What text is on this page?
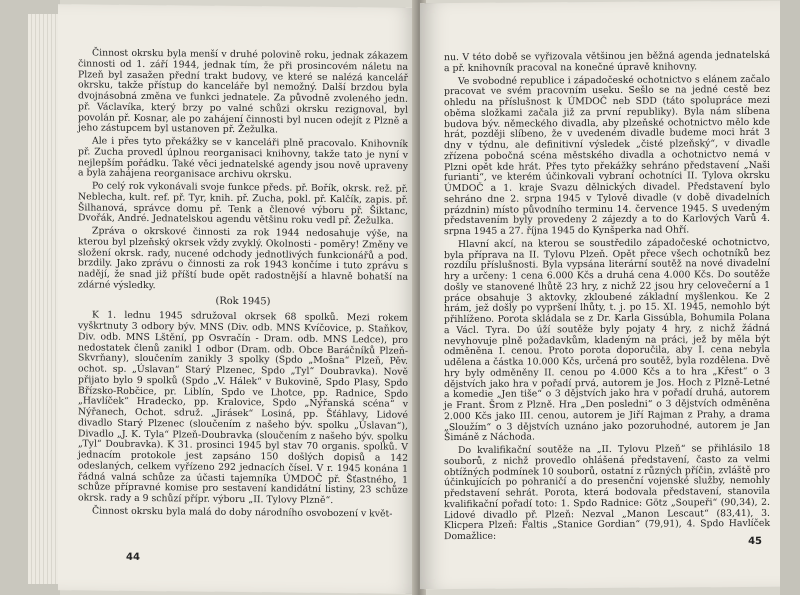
Činnost okrsku byla menší v druhé polovině roku, jednak zákazem činnosti od 1. září 1944, jednak tím, že při prosincovém náletu na Plzeň byl zasažen přední trakt budovy, ve které se nalézá kancelář okrsku, takže přístup do kanceláře byl nemožný. Další brzdou byla dvojnásobná změna ve funkci jednatele. Za původně zvoleného jedn. př. Václavíka, který brzy po valné schůzi okrsku rezignoval, byl povolán př. Kosnar, ale po zahájení činnosti byl nucen odejít z Plzně a jeho zástupcem byl ustanoven př. Žežulka.

Ale i přes tyto překážky se v kanceláři plně pracovalo. Knihovník př. Zucha provedl úplnou reorganisaci knihovny, takže tato je nyní v nejlepším pořádku. Také věci jednatelské agendy jsou nově upraveny a byla zahájena reorganisace archivu okrsku.

Po celý rok vykonávali svoje funkce předs. př. Bořík, okrsk. rež. př. Neblecha, kult. ref. př. Tyr, knih. př. Zucha, pokl. př. Kalčík, zapis. př. Šilhanová, správce domu př. Tenk a členové výboru př. Šiktanc, Dvořák, André. Jednatelskou agendu většinu roku vedl př. Žežulka.

Zpráva o okrskové činnosti za rok 1944 nedosahuje výše, na kterou byl plzeňský okrsek vždy zvyklý. Okolnosti - poměry! Změny ve složení okrsk. rady, nucené odchody jednotlivých funkcionářů a pod. brzdily. Jako zprávu o činnosti za rok 1943 končíme i tuto zprávu s nadějí, že snad již příští bude opět radostnější a hlavně bohatší na zdárné výsledky.

(Rok 1945)

K 1. lednu 1945 sdružoval okrsek 68 spolků. Mezi rokem vyškrtnuty 3 odbory býv. MNS (Div. odb. MNS Kvíčovice, p. Staňkov, Div. odb. MNS Lštění, pp Osvračín - Dram. odb. MNS Ledce), pro nedostatek členů zanikl 1 odbor (Dram. odb. Obce Baráčníků Plzeň-Skvrňany), sloučením zanikly 3 spolky (Spdo „Mošna“ Plzeň, Pěv. ochot. sp. „Úslavan“ Starý Plzenec, Spdo „Tyl“ Doubravka). Nově přijato bylo 9 spolků (Spdo „V. Hálek“ v Bukovině, Spdo Plasy, Spdo Břízsko-Robčice, pr. Liblín, Spdo ve Lhotce, pp. Radnice, Spdo „Havlíček“ Hradecko, pp. Kralovice, Spdo „Nýřanská scéna“ v Nýřanech, Ochot. sdruž. „Jirásek“ Losiná, pp. Šťáhlavy, Lidové divadlo Starý Plzenec (sloučením z našeho býv. spolku „Úslavan“), Divadlo „J. K. Tyla“ Plzeň-Doubravka (sloučením z našeho býv. spolku „Tyl“ Doubravka). K 31. prosinci 1945 byl stav 70 organis. spolků. V jednacím protokole jest zapsáno 150 došlých dopisů a 142 odeslaných, celkem vyřízeno 292 jednacích čísel. V r. 1945 konána 1 řádná valná schůze za účasti tajemníka ÚMDOČ př. Šťastného, 1 schůze přípravné komise pro sestavení kandidátní listiny, 23 schůze okrsk. rady a 9 schůzí přípr. výboru „II. Tylovy Plzně“.

Činnost okrsku byla malá do doby národního osvobození v květ-

44

nu. V této době se vyřizovala většinou jen běžná agenda jednatelská a př. knihovník pracoval na konečné úpravě knihovny.

Ve svobodné republice i západočeské ochotnictvo s elánem začalo pracovat ve svém pracovním useku. Sešlo se na jedné cestě bez ohledu na příslušnost k ÚMDOČ neb SDD (táto spolupráce mezi oběma složkami začala již za první republiky). Byla nám slíbena budova býv. německého divadla, aby plzeňské ochotnictvo mělo kde hrát, později slíbeno, že v uvedeném divadle budeme moci hrát 3 dny v týdnu, ale definitivní výsledek „čisté plzeňský“, v divadle zřízena pobočná scéna městského divadla a ochotnictvo nemá v Plzni opět kde hrát. Přes tyto překážky sehráno představení „Naši furianti“, ve kterém účinkovali vybraní ochotníci II. Tylova okrsku ÚMDOČ a 1. kraje Svazu dělnických divadel. Představení bylo sehráno dne 2. srpna 1945 v Tylově divadle (v době divadelních prázdnin) místo původního terminu 14. července 1945. S uvedeným představením byly provedeny 2 zájezdy a to do Karlových Varů 4. srpna 1945 a 27. října 1945 do Kynšperka nad Ohří.

Hlavní akcí, na kterou se soustředilo západočeské ochotnictvo, byla příprava na II. Tylovu Plzeň. Opět přece všech ochotníků bez rozdílu příslušnosti. Byla vypsána literární soutěž na nové divadelní hry a určeny: 1 cena 6.000 Kčs a druhá cena 4.000 Kčs. Do soutěže došly ve stanovené lhůtě 23 hry, z nichž 22 jsou hry celovečerní a 1 práce obsahuje 3 aktovky, zkloubené základní myšlenkou. Ke 2 hrám, jež došly po vypršení lhůty, t. j. po 15. XI. 1945, nemohlo být přihlíženo. Porota skládala se z Dr. Karla Gissúbla, Bohumila Polana a Václ. Tyra. Do úží soutěže byly pojaty 4 hry, z nichž žádná nevyhovuje plně požadavkům, kladeným na práci, jež by měla být odměněna I. cenou. Proto porota doporučila, aby I. cena nebyla udělena a částka 10.000 Kčs, určená pro soutěž, byla rozdělena. Dvě hry byly odměněny II. cenou po 4.000 Kčs a to hra „Křest“ o 3 dějstvích jako hra v pořadí prvá, autorem je Jos. Hoch z Plzně-Letné a komedie „Jen tiše“ o 3 dějstvích jako hra v pořadí druhá, autorem je Frant. Šrom z Plzně. Hra „Den posledni“ o 3 dějstvích odměněna 2.000 Kčs jako III. cenou, autorem je Jiří Rajman z Prahy, a drama „Sloužím“ o 3 dějstvích uznáno jako pozoruhodné, autorem je Jan Šimáně z Náchoda.

Do kvalifikační soutěže na „II. Tylovu Plzeň“ se přihlásilo 18 souborů, z nichž provedlo ohlášená představení, často za velmi obtížných podmínek 10 souborů, ostatní z různých příčin, zvláště pro účinkujících po pohraničí a do presenční vojenské služby, nemohly představení sehrát. Porota, která bodovala představení, stanovila kvalifikační pořadí toto: 1. Spdo Radnice: Götz „Soupeři“ (90,34), 2. Lidové divadlo př. Plzeň: Nezval „Manon Lescaut“ (83,41), 3. Klicpera Plzeň: Faltis „Stanice Gordian“ (79,91), 4. Spdo Havlíček Domažlice:	45
